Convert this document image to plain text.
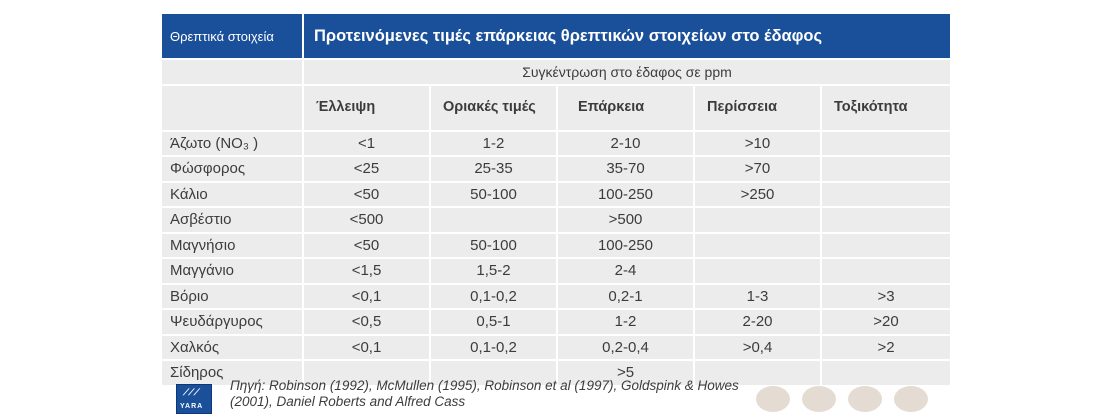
Θρεπτικά στοιχεία	Προτεινόμενες τιμές επάρκειας θρεπτικών στοιχείων στο έδαφος				
	Συγκέντρωση στο έδαφος σε ppm				
	Έλλειψη	Οριακές τιμές	Επάρκεια	Περίσσεια	Τοξικότητα
Άζωτο (NO₃ )	<1	1-2	2-10	>10	
Φώσφορος	<25	25-35	35-70	>70	
Κάλιο	<50	50-100	100-250	>250	
Ασβέστιο	<500		>500		
Μαγνήσιο	<50	50-100	100-250		
Μαγγάνιο	<1,5	1,5-2	2-4		
Βόριο	<0,1	0,1-0,2	0,2-1	1-3	>3
Ψευδάργυρος	<0,5	0,5-1	1-2	2-20	>20
Χαλκός	<0,1	0,1-0,2	0,2-0,4	>0,4	>2
Σίδηρος			>5		
⟋⟋⟋
YARA
Πηγή: Robinson (1992), McMullen (1995), Robinson et al (1997), Goldspink & Howes (2001), Daniel Roberts and Alfred Cass
